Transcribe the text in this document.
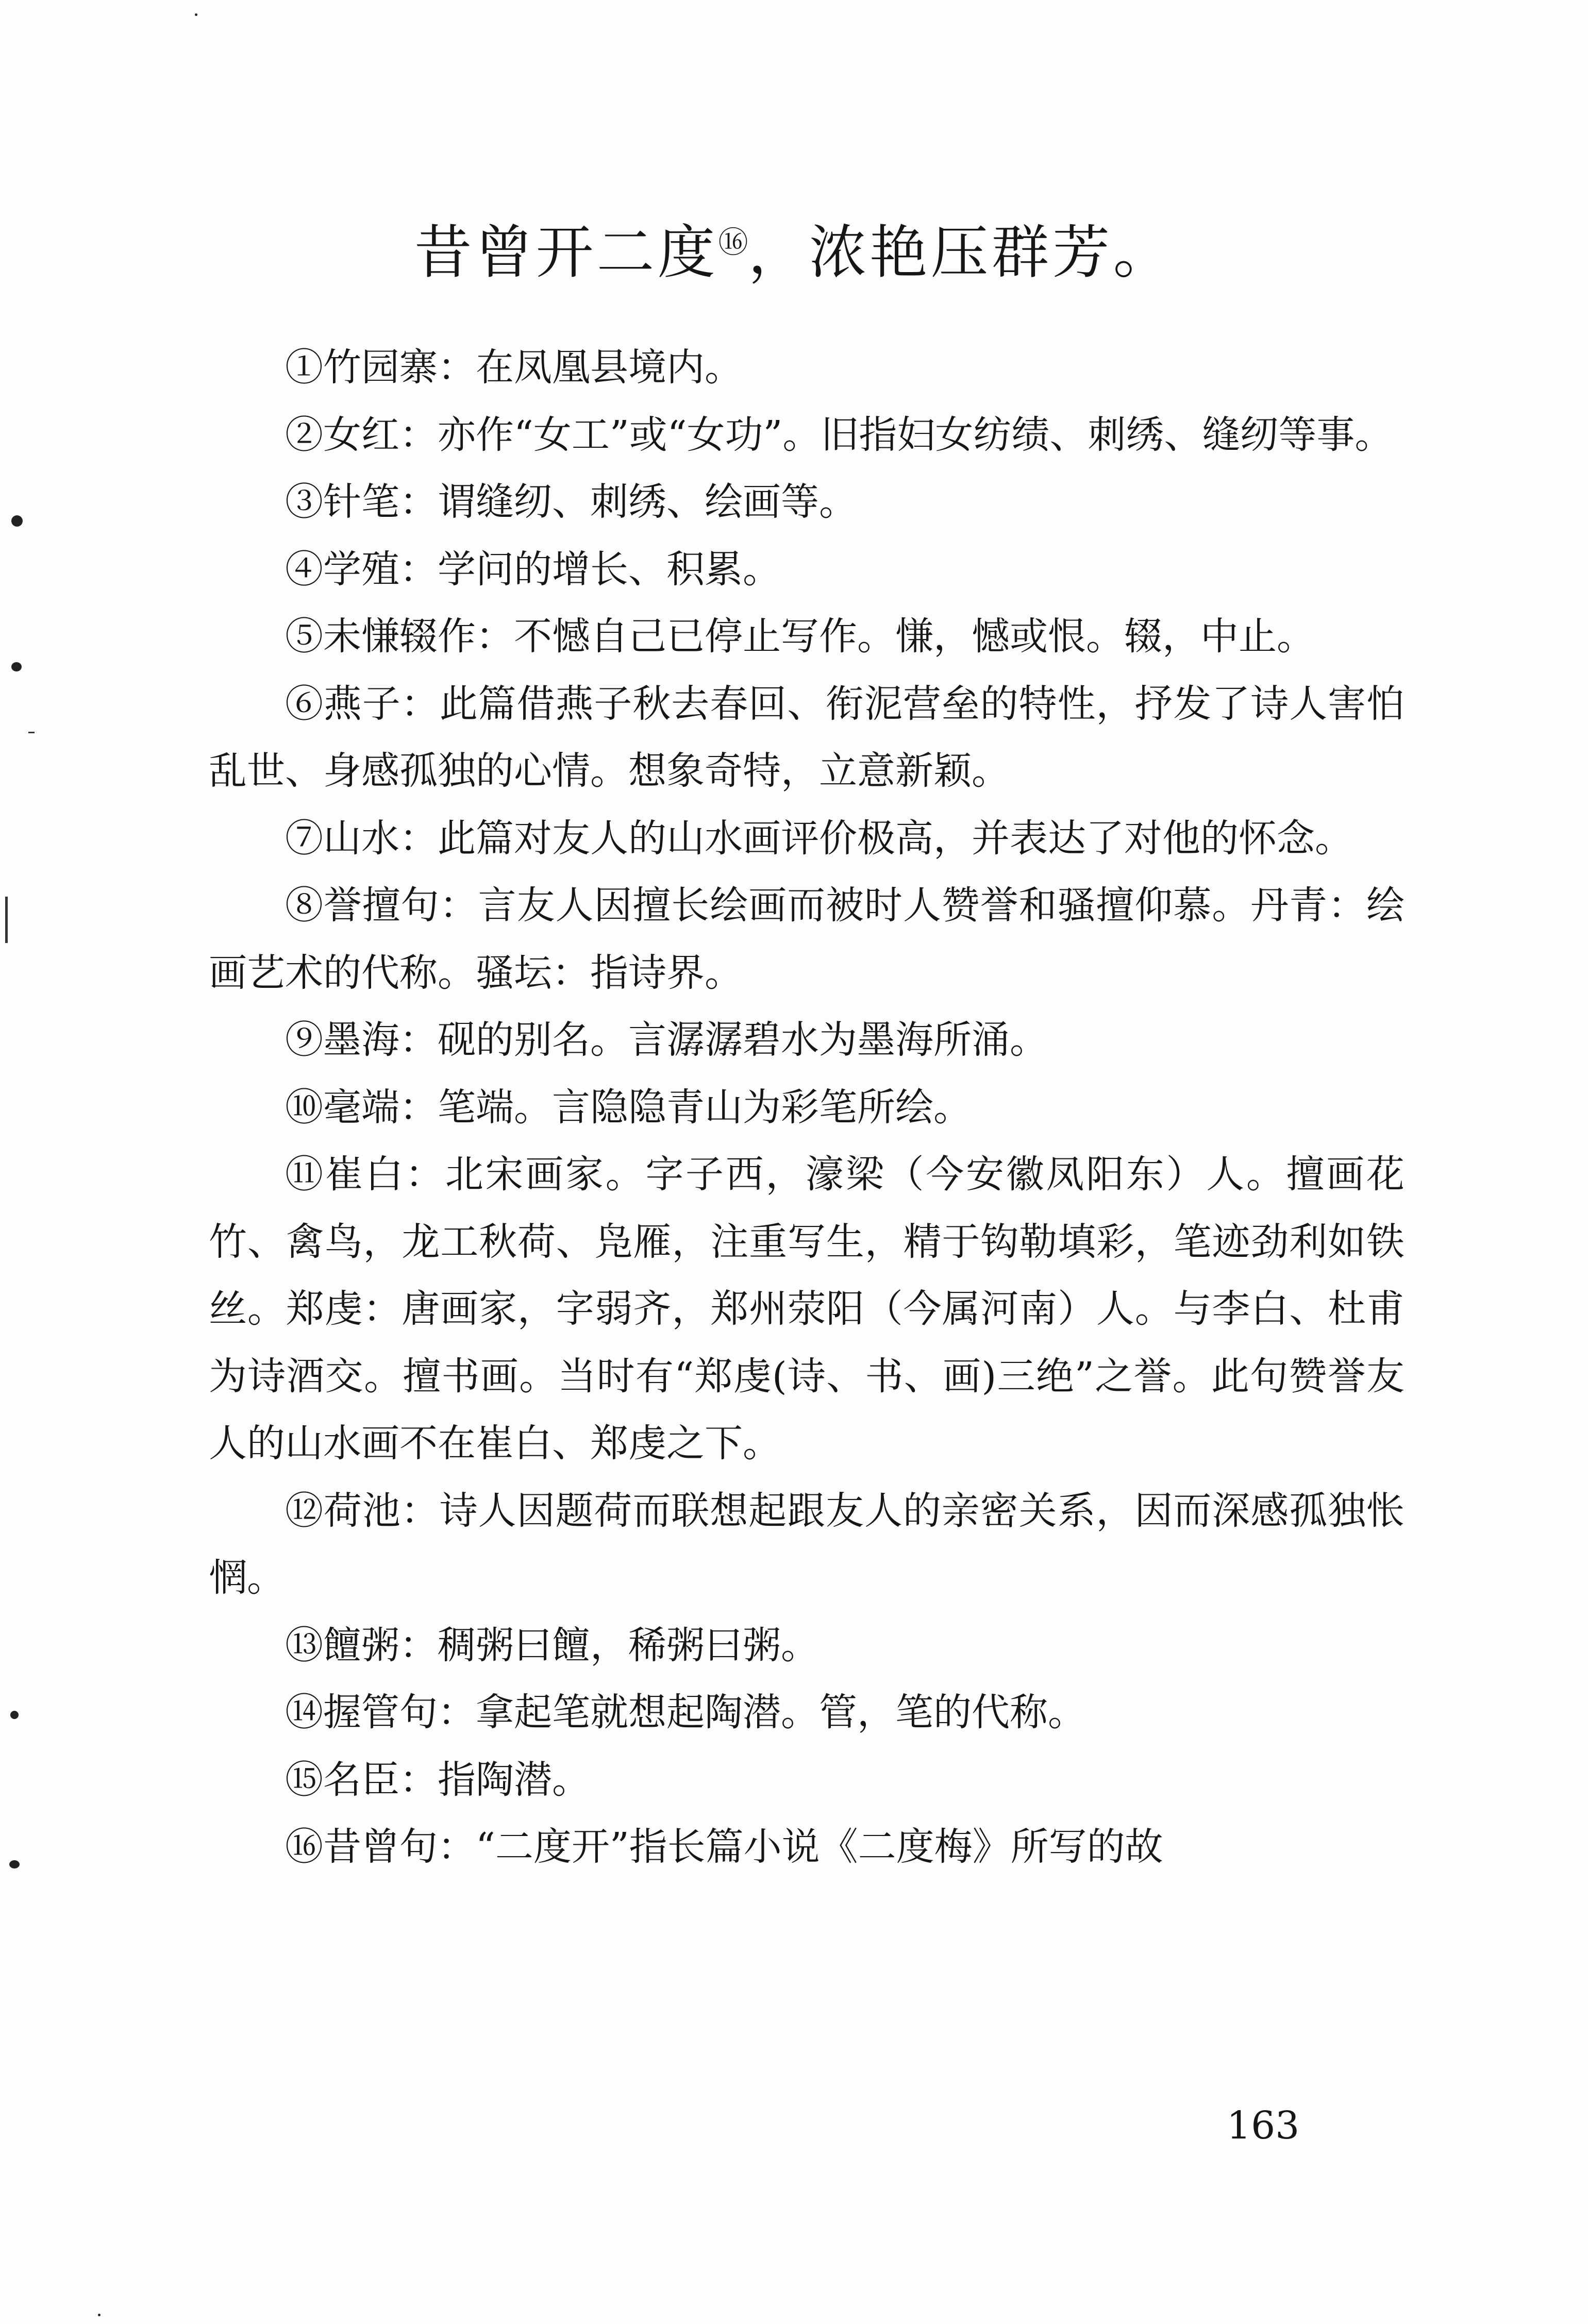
昔曾开二度⑯，浓艳压群芳。

①竹园寨：在凤凰县境内。

②女红：亦作“女工”或“女功”。旧指妇女纺绩、刺绣、缝纫等事。

③针笔：谓缝纫、刺绣、绘画等。

④学殖：学问的增长、积累。

⑤未慊辍作：不憾自己已停止写作。慊，憾或恨。辍，中止。

⑥燕子：此篇借燕子秋去春回、衔泥营垒的特性，抒发了诗人害怕乱世、身感孤独的心情。想象奇特，立意新颖。

⑦山水：此篇对友人的山水画评价极高，并表达了对他的怀念。

⑧誉擅句：言友人因擅长绘画而被时人赞誉和骚擅仰慕。丹青：绘画艺术的代称。骚坛：指诗界。

⑨墨海：砚的别名。言潺潺碧水为墨海所涌。

⑩毫端：笔端。言隐隐青山为彩笔所绘。

⑪崔白：北宋画家。字子西，濠梁（今安徽凤阳东）人。擅画花竹、禽鸟，龙工秋荷、凫雁，注重写生，精于钩勒填彩，笔迹劲利如铁丝。郑虔：唐画家，字弱齐，郑州荥阳（今属河南）人。与李白、杜甫为诗酒交。擅书画。当时有“郑虔(诗、书、画)三绝”之誉。此句赞誉友人的山水画不在崔白、郑虔之下。

⑫荷池：诗人因题荷而联想起跟友人的亲密关系，因而深感孤独怅惘。

⑬饘粥：稠粥曰饘，稀粥曰粥。

⑭握管句：拿起笔就想起陶潜。管，笔的代称。

⑮名臣：指陶潜。

⑯昔曾句：“二度开”指长篇小说《二度梅》所写的故

163
